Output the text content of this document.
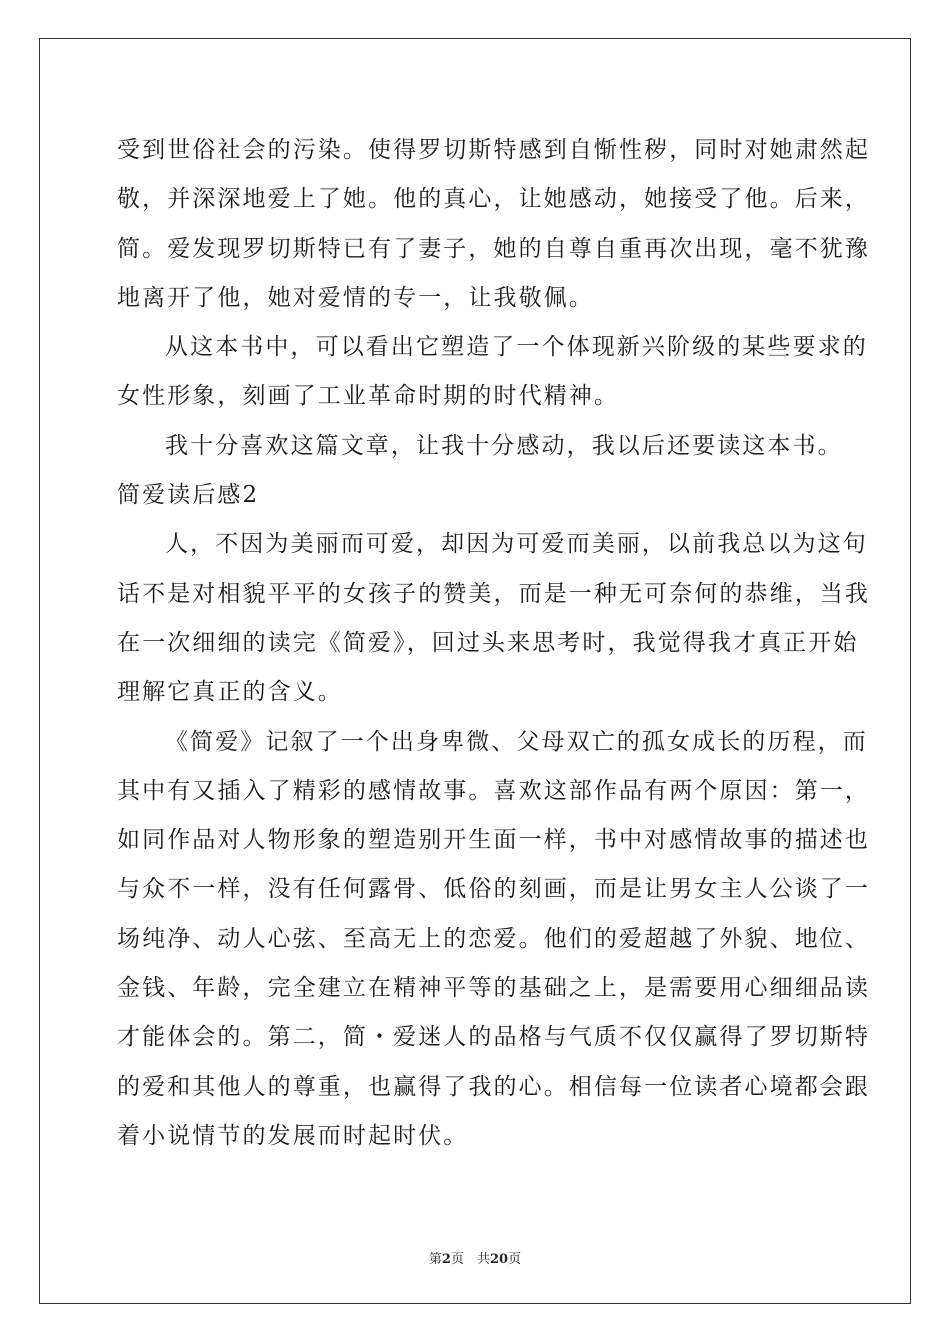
受到世俗社会的污染。使得罗切斯特感到自惭性秽，同时对她肃然起
敬，并深深地爱上了她。他的真心，让她感动，她接受了他。后来，
简。爱发现罗切斯特已有了妻子，她的自尊自重再次出现，毫不犹豫
地离开了他，她对爱情的专一，让我敬佩。
从这本书中，可以看出它塑造了一个体现新兴阶级的某些要求的
女性形象，刻画了工业革命时期的时代精神。
我十分喜欢这篇文章，让我十分感动，我以后还要读这本书。
简爱读后感2
人，不因为美丽而可爱，却因为可爱而美丽，以前我总以为这句
话不是对相貌平平的女孩子的赞美，而是一种无可奈何的恭维，当我
在一次细细的读完《简爱》，回过头来思考时，我觉得我才真正开始
理解它真正的含义。
《简爱》记叙了一个出身卑微、父母双亡的孤女成长的历程，而
其中有又插入了精彩的感情故事。喜欢这部作品有两个原因：第一，
如同作品对人物形象的塑造别开生面一样，书中对感情故事的描述也
与众不一样，没有任何露骨、低俗的刻画，而是让男女主人公谈了一
场纯净、动人心弦、至高无上的恋爱。他们的爱超越了外貌、地位、
金钱、年龄，完全建立在精神平等的基础之上，是需要用心细细品读
才能体会的。第二，简・爱迷人的品格与气质不仅仅赢得了罗切斯特
的爱和其他人的尊重，也赢得了我的心。相信每一位读者心境都会跟
着小说情节的发展而时起时伏。
第2页　共20页
